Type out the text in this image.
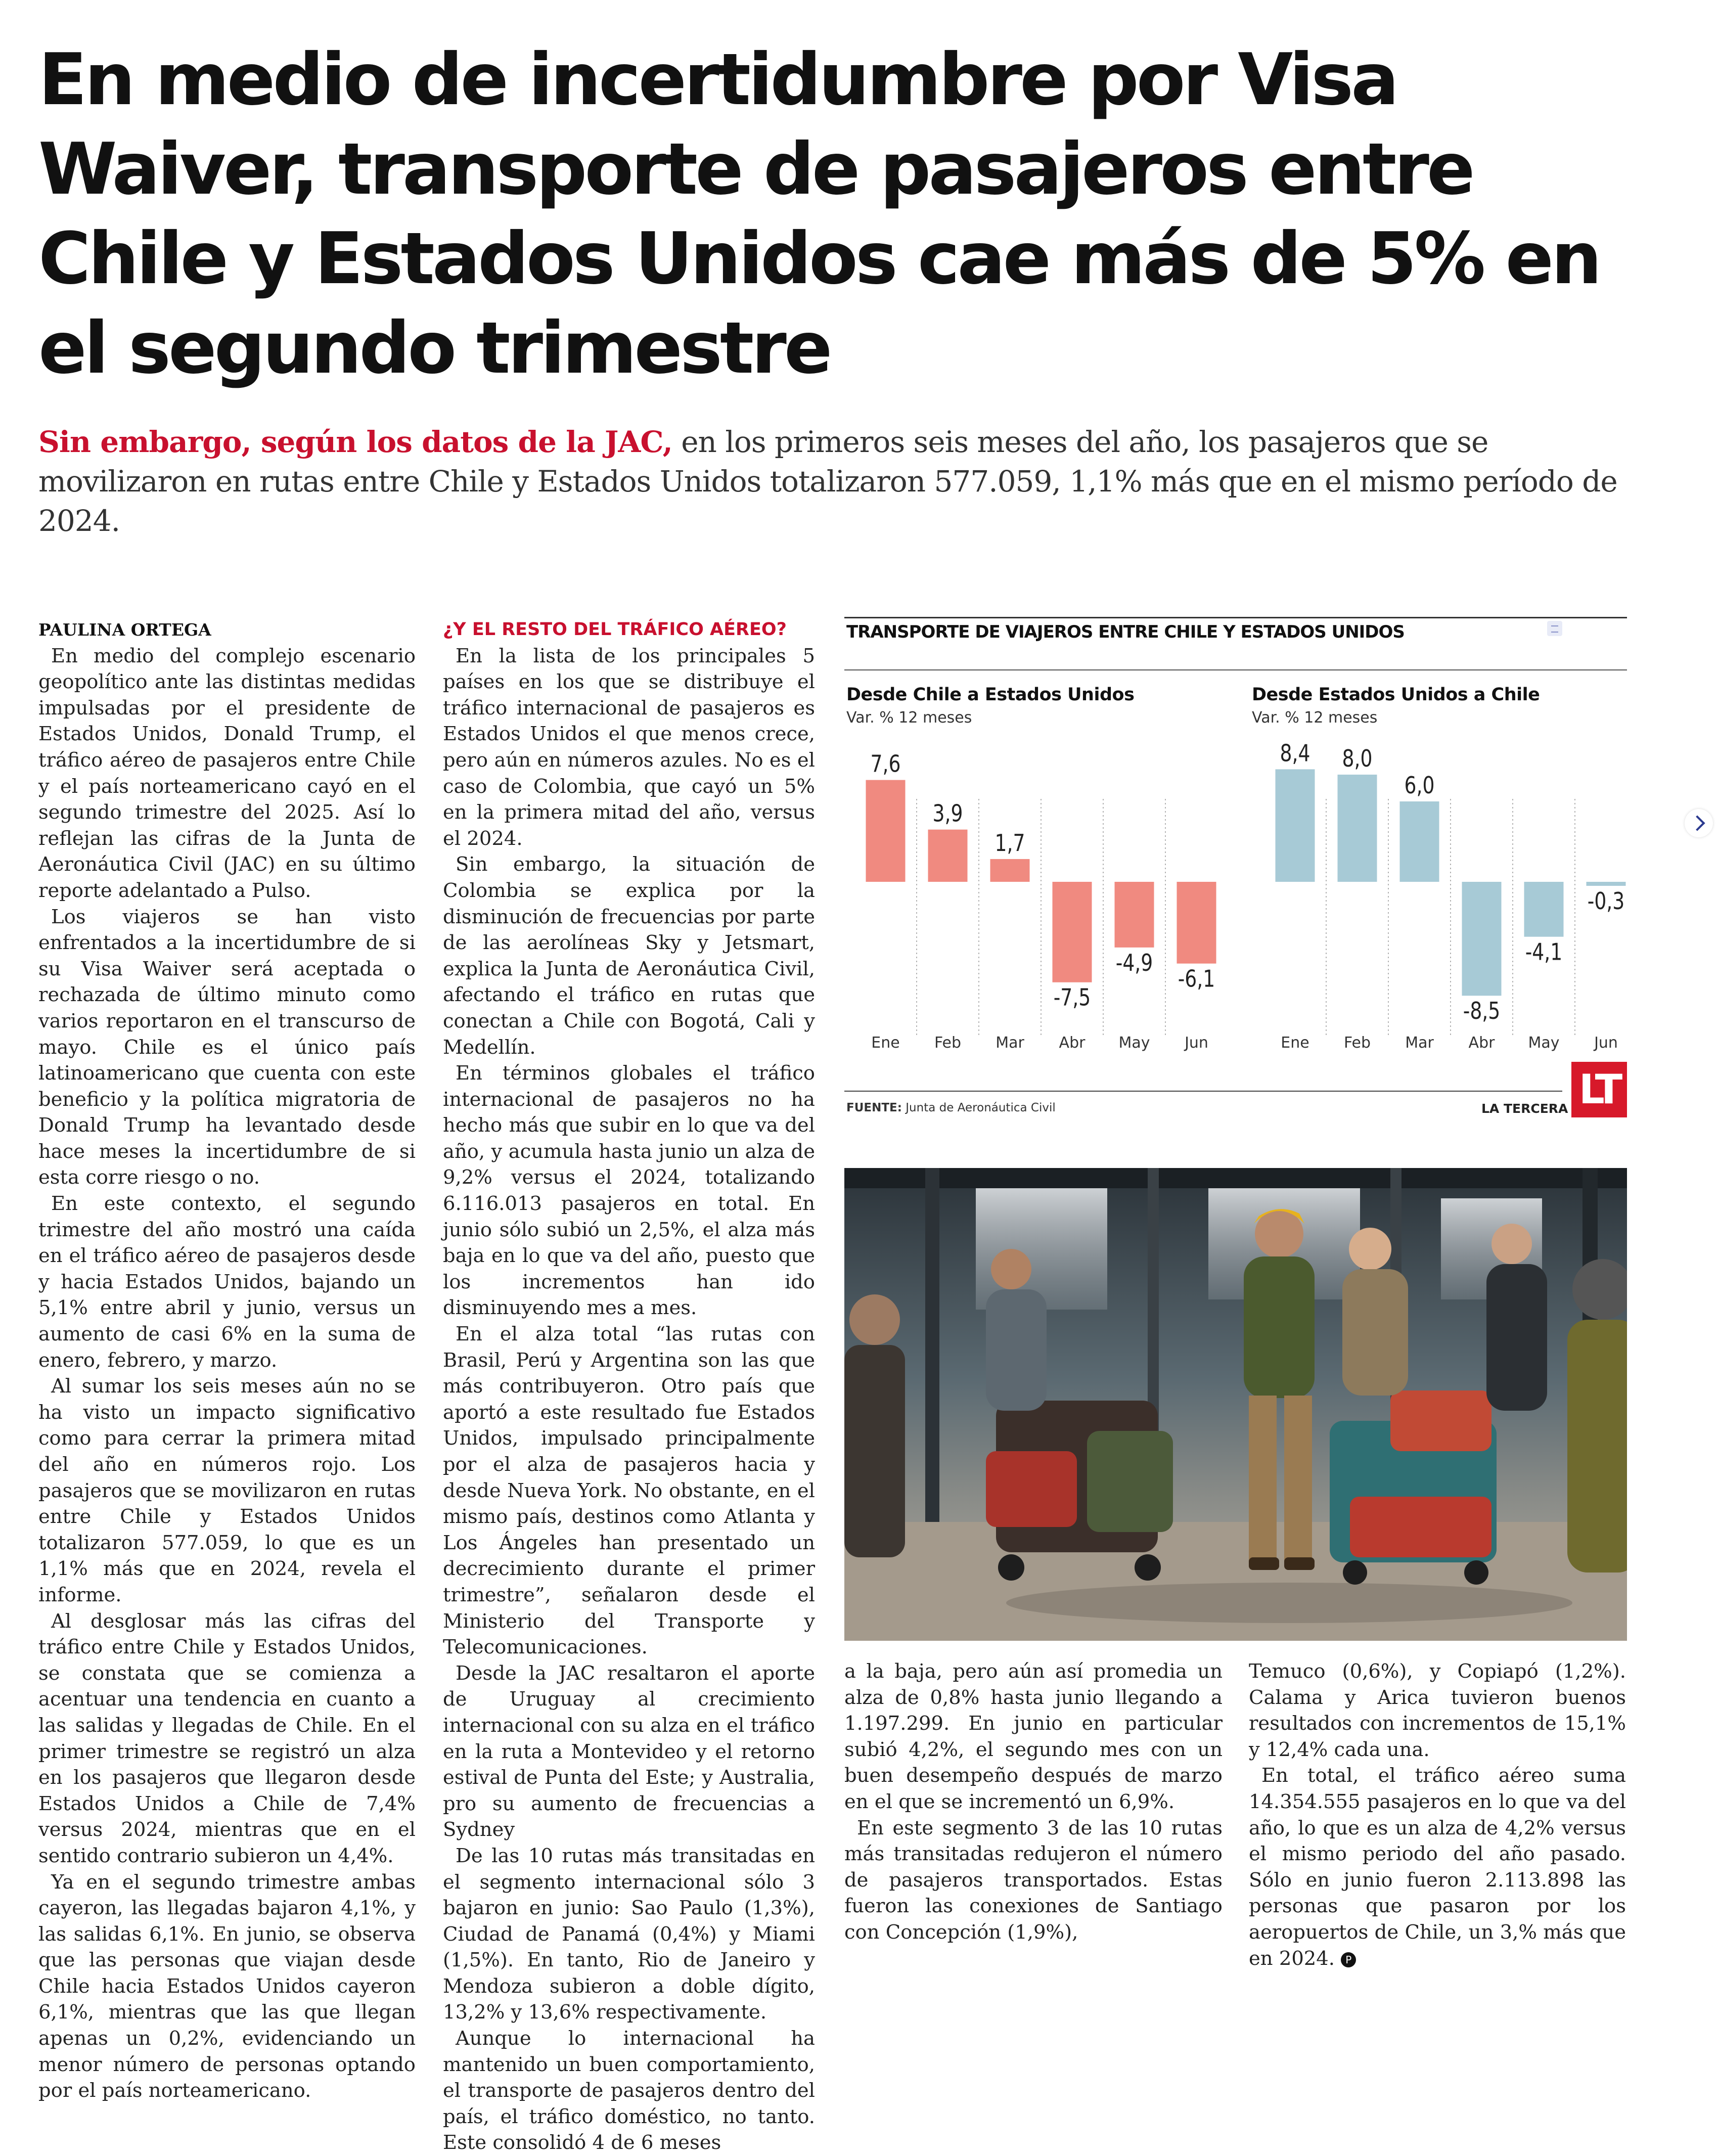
En medio de incertidumbre por Visa Waiver, transporte de pasajeros entre Chile y Estados Unidos cae más de 5% en el segundo trimestre

Sin embargo, según los datos de la JAC, en los primeros seis meses del año, los pasajeros que se movilizaron en rutas entre Chile y Estados Unidos totalizaron 577.059, 1,1% más que en el mismo período de 2024.

PAULINA ORTEGA

En medio del complejo escenario geopolítico ante las distintas medidas impulsadas por el presidente de Estados Unidos, Donald Trump, el tráfico aéreo de pasajeros entre Chile y el país norteamericano cayó en el segundo trimestre del 2025. Así lo reflejan las cifras de la Junta de Aeronáutica Civil (JAC) en su último reporte adelantado a Pulso.

Los viajeros se han visto enfrentados a la incertidumbre de si su Visa Waiver será aceptada o rechazada de último minuto como varios reportaron en el transcurso de mayo. Chile es el único país latinoamericano que cuenta con este beneficio y la política migratoria de Donald Trump ha levantado desde hace meses la incertidumbre de si esta corre riesgo o no.

En este contexto, el segundo trimestre del año mostró una caída en el tráfico aéreo de pasajeros desde y hacia Estados Unidos, bajando un 5,1% entre abril y junio, versus un aumento de casi 6% en la suma de enero, febrero, y marzo.

Al sumar los seis meses aún no se ha visto un impacto significativo como para cerrar la primera mitad del año en números rojo. Los pasajeros que se movilizaron en rutas entre Chile y Estados Unidos totalizaron 577.059, lo que es un 1,1% más que en 2024, revela el informe.

Al desglosar más las cifras del tráfico entre Chile y Estados Unidos, se constata que se comienza a acentuar una tendencia en cuanto a las salidas y llegadas de Chile. En el primer trimestre se registró un alza en los pasajeros que llegaron desde Estados Unidos a Chile de 7,4% versus 2024, mientras que en el sentido contrario subieron un 4,4%.

Ya en el segundo trimestre ambas cayeron, las llegadas bajaron 4,1%, y las salidas 6,1%. En junio, se observa que las personas que viajan desde Chile hacia Estados Unidos cayeron 6,1%, mientras que las que llegan apenas un 0,2%, evidenciando un menor número de personas optando por el país norteamericano.

¿Y EL RESTO DEL TRÁFICO AÉREO?

En la lista de los principales 5 países en los que se distribuye el tráfico internacional de pasajeros es Estados Unidos el que menos crece, pero aún en números azules. No es el caso de Colombia, que cayó un 5% en la primera mitad del año, versus el 2024.

Sin embargo, la situación de Colombia se explica por la disminución de frecuencias por parte de las aerolíneas Sky y Jetsmart, explica la Junta de Aeronáutica Civil, afectando el tráfico en rutas que conectan a Chile con Bogotá, Cali y Medellín.

En términos globales el tráfico internacional de pasajeros no ha hecho más que subir en lo que va del año, y acumula hasta junio un alza de 9,2% versus el 2024, totalizando 6.116.013 pasajeros en total. En junio sólo subió un 2,5%, el alza más baja en lo que va del año, puesto que los incrementos han ido disminuyendo mes a mes.

En el alza total “las rutas con Brasil, Perú y Argentina son las que más contribuyeron. Otro país que aportó a este resultado fue Estados Unidos, impulsado principalmente por el alza de pasajeros hacia y desde Nueva York. No obstante, en el mismo país, destinos como Atlanta y Los Ángeles han presentado un decrecimiento durante el primer trimestre”, señalaron desde el Ministerio del Transporte y Telecomunicaciones.

Desde la JAC resaltaron el aporte de Uruguay al crecimiento internacional con su alza en el tráfico en la ruta a Montevideo y el retorno estival de Punta del Este; y Australia, pro su aumento de frecuencias a Sydney

De las 10 rutas más transitadas en el segmento internacional sólo 3 bajaron en junio: Sao Paulo (1,3%), Ciudad de Panamá (0,4%) y Miami (1,5%). En tanto, Rio de Janeiro y Mendoza subieron a doble dígito, 13,2% y 13,6% respectivamente.

Aunque lo internacional ha mantenido un buen comportamiento, el transporte de pasajeros dentro del país, el tráfico doméstico, no tanto. Este consolidó 4 de 6 meses

TRANSPORTE DE VIAJEROS ENTRE CHILE Y ESTADOS UNIDOS

Desde Chile a Estados Unidos

Var. % 12 meses

Desde Estados Unidos a Chile

Var. % 12 meses

7,6
Ene
3,9
Feb
1,7
Mar
-7,5
Abr
-4,9
May
-6,1
Jun
8,4
Ene
8,0
Feb
6,0
Mar
-8,5
Abr
-4,1
May
-0,3
Jun

FUENTE: Junta de Aeronáutica Civil	LA TERCERA LT

a la baja, pero aún así promedia un alza de 0,8% hasta junio llegando a 1.197.299. En junio en particular subió 4,2%, el segundo mes con un buen desempeño después de marzo en el que se incrementó un 6,9%.

En este segmento 3 de las 10 rutas más transitadas redujeron el número de pasajeros transportados. Estas fueron las conexiones de Santiago con Concepción (1,9%),

Temuco (0,6%), y Copiapó (1,2%). Calama y Arica tuvieron buenos resultados con incrementos de 15,1% y 12,4% cada una.

En total, el tráfico aéreo suma 14.354.555 pasajeros en lo que va del año, lo que es un alza de 4,2% versus el mismo periodo del año pasado. Sólo en junio fueron 2.113.898 las personas que pasaron por los aeropuertos de Chile, un 3,% más que en 2024. P
